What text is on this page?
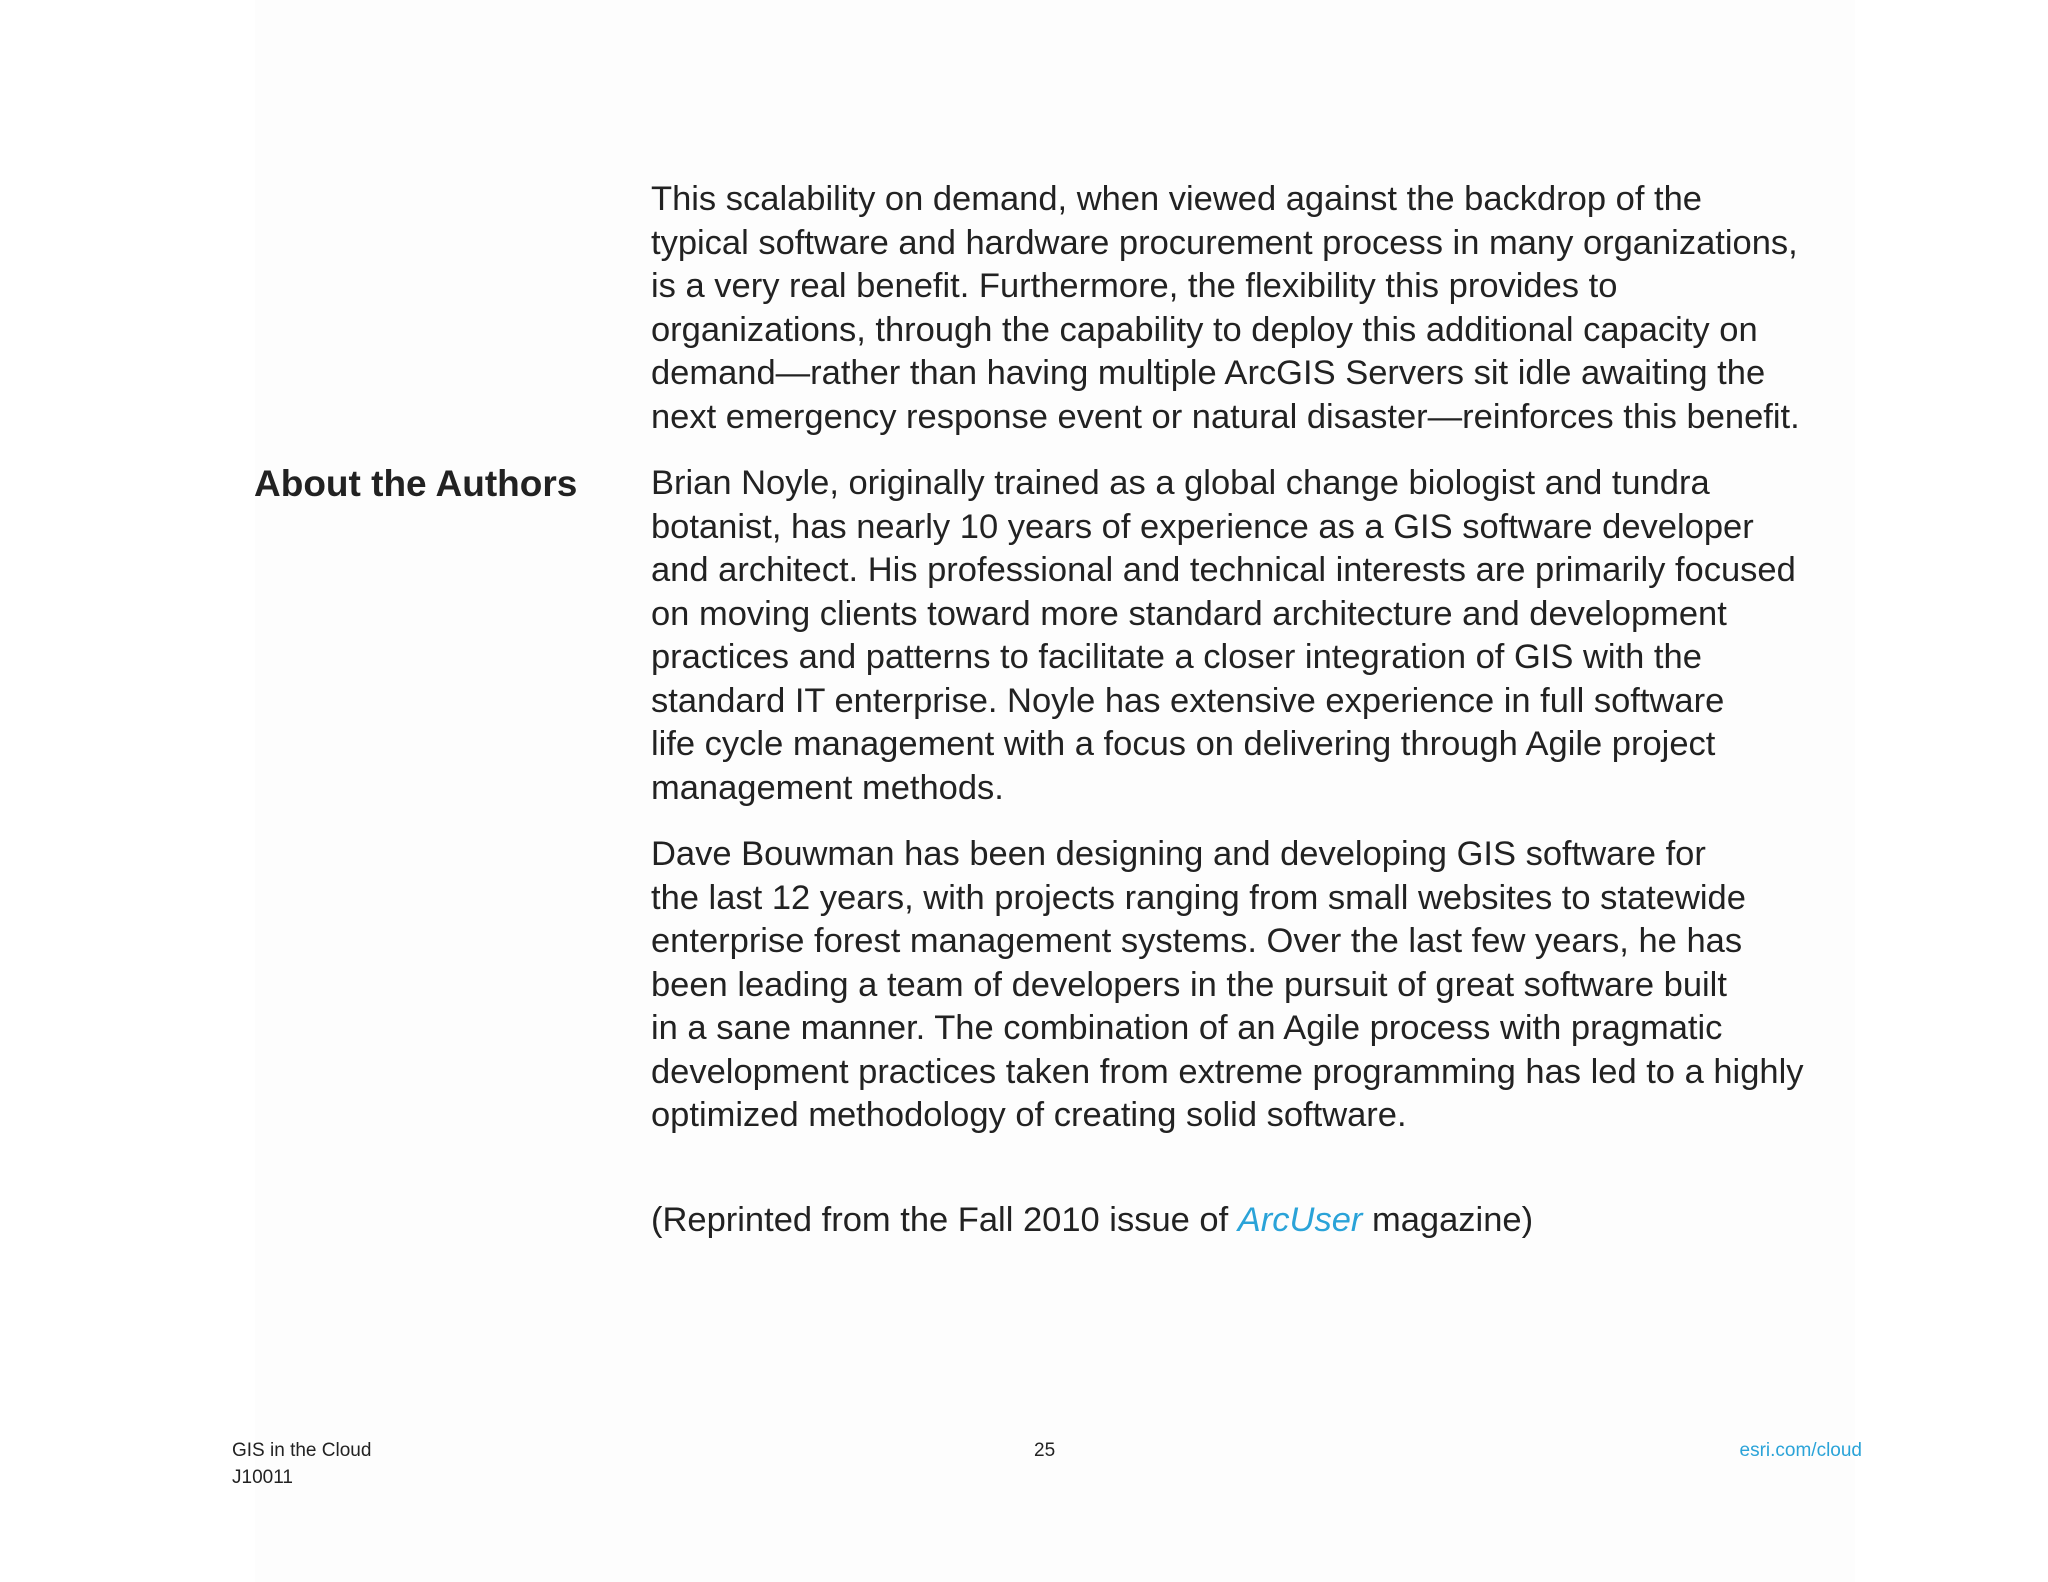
This scalability on demand, when viewed against the backdrop of the
typical software and hardware procurement process in many organizations,
is a very real benefit. Furthermore, the flexibility this provides to
organizations, through the capability to deploy this additional capacity on
demand—rather than having multiple ArcGIS Servers sit idle awaiting the
next emergency response event or natural disaster—reinforces this benefit.

Brian Noyle, originally trained as a global change biologist and tundra
botanist, has nearly 10 years of experience as a GIS software developer
and architect. His professional and technical interests are primarily focused
on moving clients toward more standard architecture and development
practices and patterns to facilitate a closer integration of GIS with the
standard IT enterprise. Noyle has extensive experience in full software
life cycle management with a focus on delivering through Agile project
management methods.

Dave Bouwman has been designing and developing GIS software for
the last 12 years, with projects ranging from small websites to statewide
enterprise forest management systems. Over the last few years, he has
been leading a team of developers in the pursuit of great software built
in a sane manner. The combination of an Agile process with pragmatic
development practices taken from extreme programming has led to a highly
optimized methodology of creating solid software.

(Reprinted from the Fall 2010 issue of ArcUser magazine)

About the Authors
GIS in the Cloud
J10011
25	esri.com/cloud
